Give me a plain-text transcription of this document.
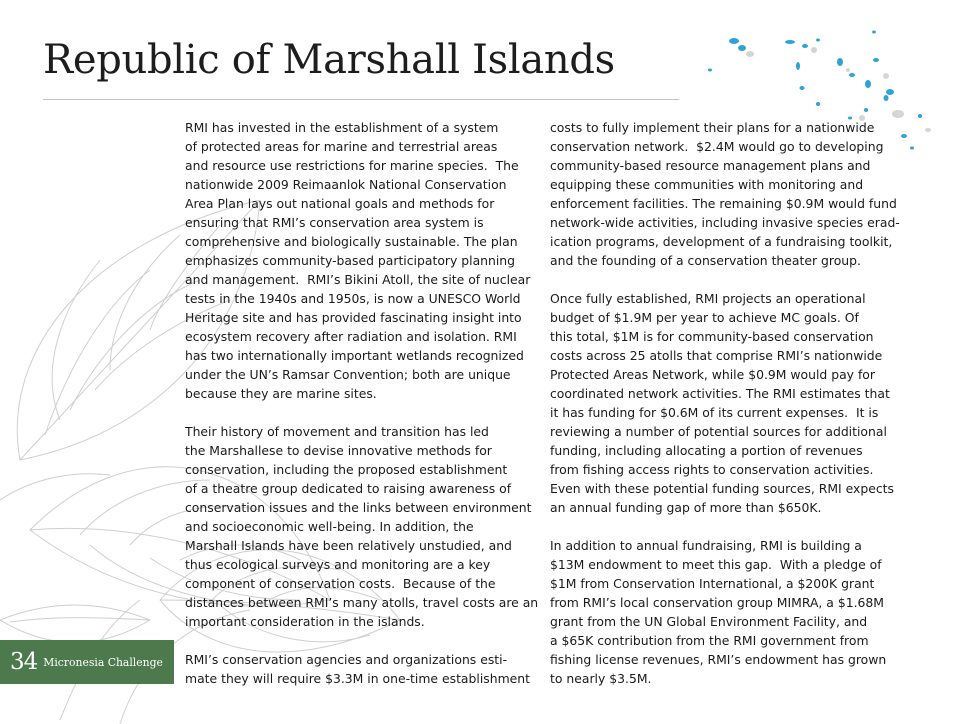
Republic of Marshall Islands
RMI has invested in the establishment of a system
of protected areas for marine and terrestrial areas
and resource use restrictions for marine species.  The
nationwide 2009 Reimaanlok National Conservation
Area Plan lays out national goals and methods for
ensuring that RMI’s conservation area system is
comprehensive and biologically sustainable. The plan
emphasizes community-based participatory planning
and management.  RMI’s Bikini Atoll, the site of nuclear
tests in the 1940s and 1950s, is now a UNESCO World
Heritage site and has provided fascinating insight into
ecosystem recovery after radiation and isolation. RMI
has two internationally important wetlands recognized
under the UN’s Ramsar Convention; both are unique
because they are marine sites.
Their history of movement and transition has led
the Marshallese to devise innovative methods for
conservation, including the proposed establishment
of a theatre group dedicated to raising awareness of
conservation issues and the links between environment
and socioeconomic well-being. In addition, the
Marshall Islands have been relatively unstudied, and
thus ecological surveys and monitoring are a key
component of conservation costs.  Because of the
distances between RMI’s many atolls, travel costs are an
important consideration in the islands.
RMI’s conservation agencies and organizations esti-
mate they will require $3.3M in one-time establishment
costs to fully implement their plans for a nationwide
conservation network.  $2.4M would go to developing
community-based resource management plans and
equipping these communities with monitoring and
enforcement facilities. The remaining $0.9M would fund
network-wide activities, including invasive species erad-
ication programs, development of a fundraising toolkit,
and the founding of a conservation theater group.
Once fully established, RMI projects an operational
budget of $1.9M per year to achieve MC goals. Of
this total, $1M is for community-based conservation
costs across 25 atolls that comprise RMI’s nationwide
Protected Areas Network, while $0.9M would pay for
coordinated network activities. The RMI estimates that
it has funding for $0.6M of its current expenses.  It is
reviewing a number of potential sources for additional
funding, including allocating a portion of revenues
from fishing access rights to conservation activities.
Even with these potential funding sources, RMI expects
an annual funding gap of more than $650K.
In addition to annual fundraising, RMI is building a
$13M endowment to meet this gap.  With a pledge of
$1M from Conservation International, a $200K grant
from RMI’s local conservation group MIMRA, a $1.68M
grant from the UN Global Environment Facility, and
a $65K contribution from the RMI government from
fishing license revenues, RMI’s endowment has grown
to nearly $3.5M.
34 Micronesia Challenge
